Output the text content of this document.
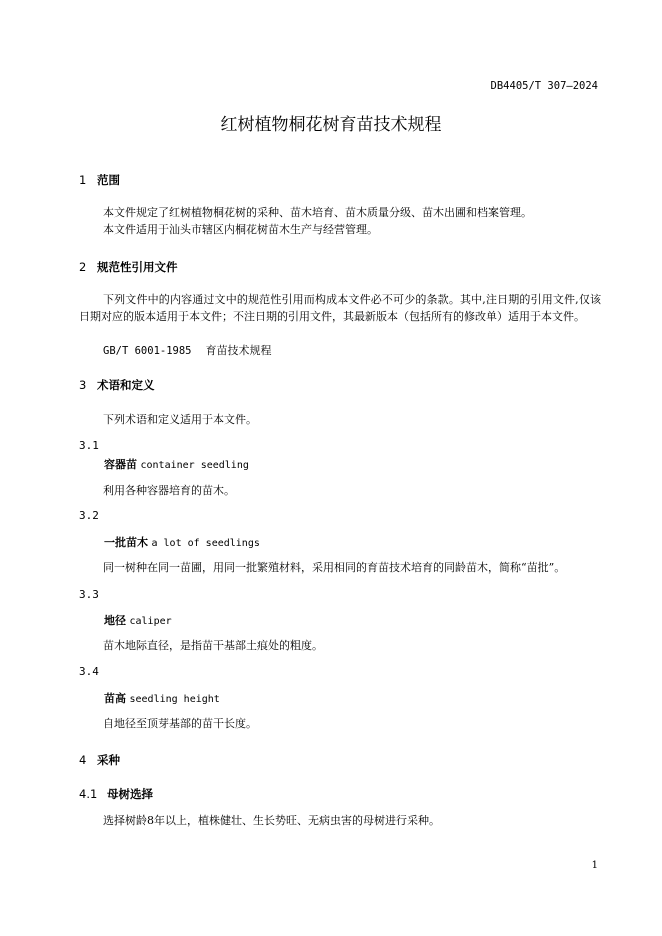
DB4405/T 307—2024
红树植物桐花树育苗技术规程
1 范围
本文件规定了红树植物桐花树的采种、苗木培育、苗木质量分级、苗木出圃和档案管理。
本文件适用于汕头市辖区内桐花树苗木生产与经营管理。
2 规范性引用文件
下列文件中的内容通过文中的规范性引用而构成本文件必不可少的条款。其中,注日期的引用文件,仅该日期对应的版本适用于本文件；不注日期的引用文件，其最新版本（包括所有的修改单）适用于本文件。
GB/T 6001-1985 育苗技术规程
3 术语和定义
下列术语和定义适用于本文件。
3.1
容器苗 container seedling
利用各种容器培育的苗木。
3.2
一批苗木 a lot of seedlings
同一树种在同一苗圃，用同一批繁殖材料，采用相同的育苗技术培育的同龄苗木，简称“苗批”。
3.3
地径 caliper
苗木地际直径，是指苗干基部土痕处的粗度。
3.4
苗高 seedling height
自地径至顶芽基部的苗干长度。
4 采种
4.1 母树选择
选择树龄8年以上，植株健壮、生长势旺、无病虫害的母树进行采种。
1
